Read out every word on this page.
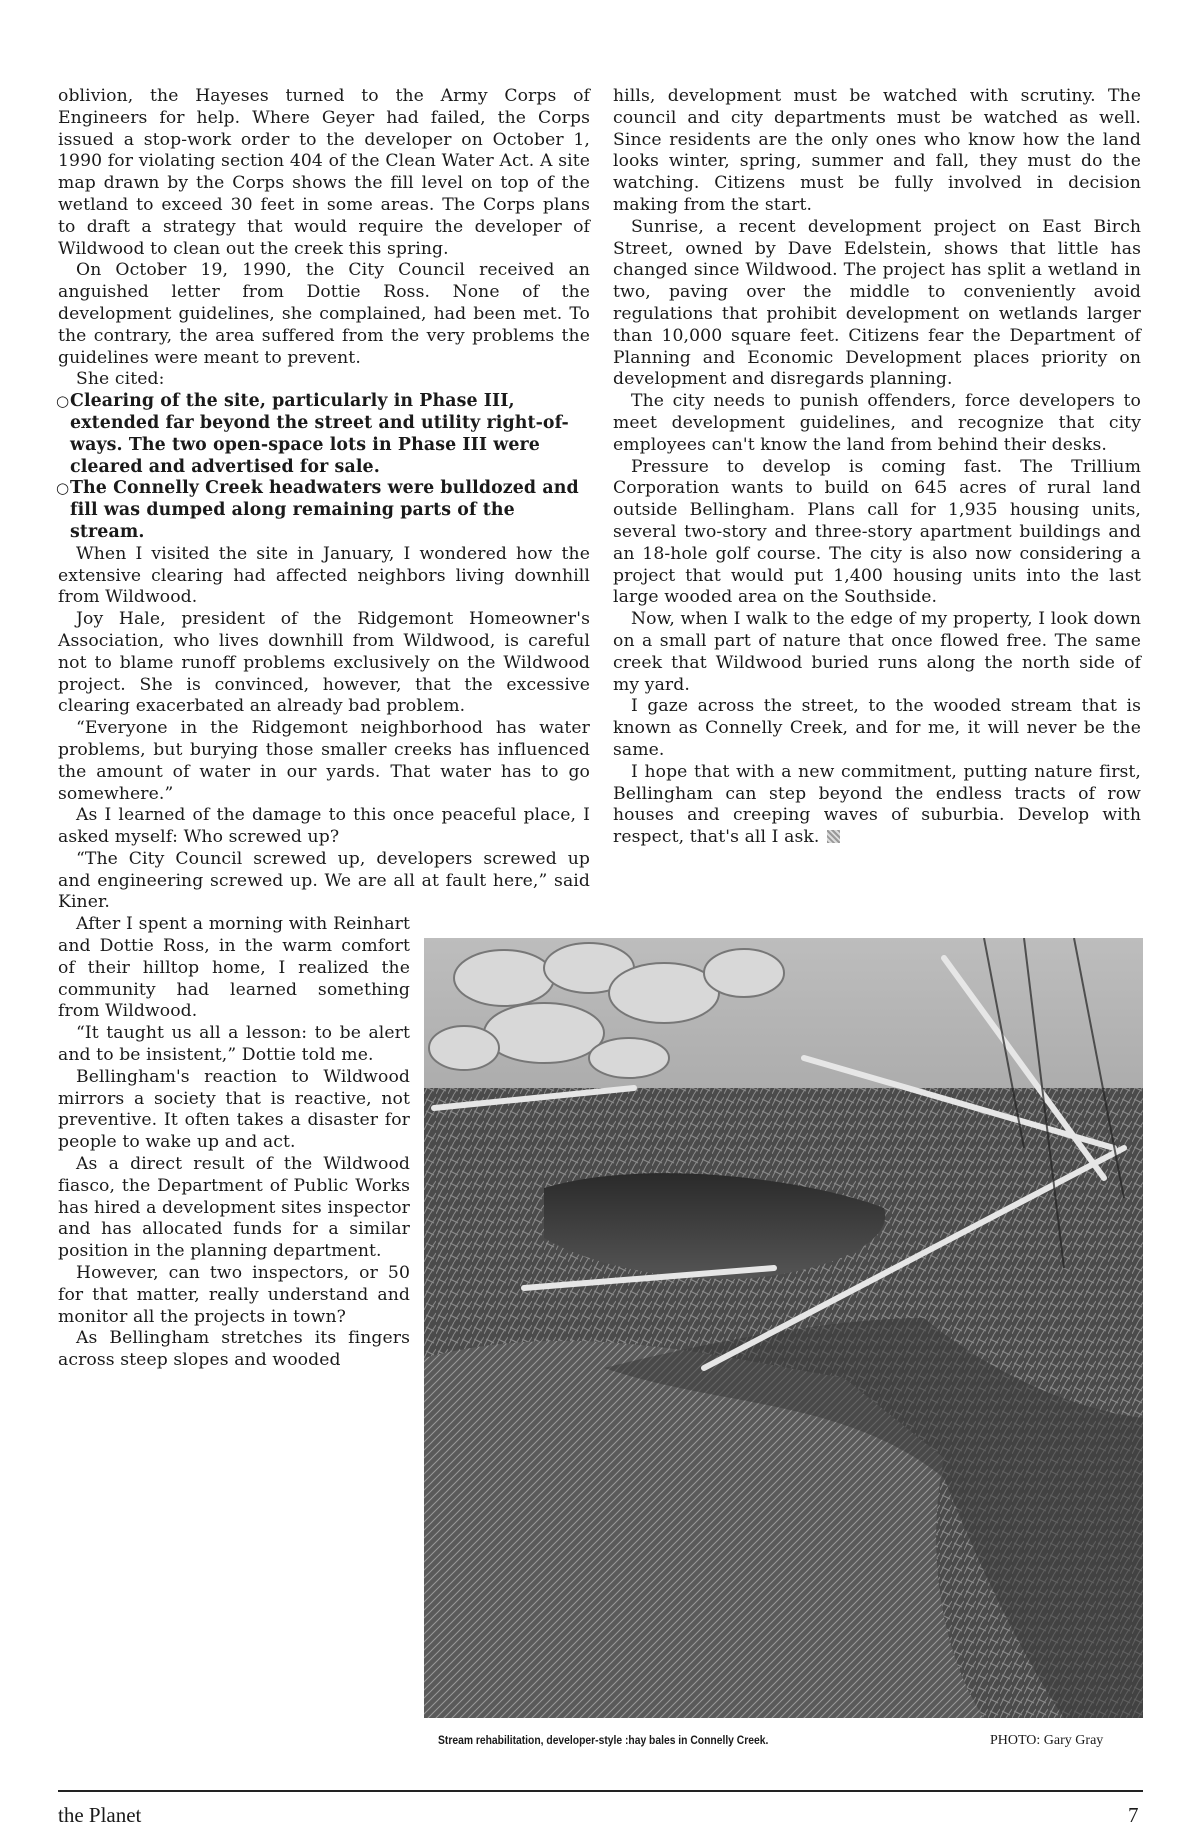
oblivion, the Hayeses turned to the Army Corps of Engineers for help. Where Geyer had failed, the Corps issued a stop-work order to the developer on October 1, 1990 for violating section 404 of the Clean Water Act. A site map drawn by the Corps shows the fill level on top of the wetland to exceed 30 feet in some areas. The Corps plans to draft a strategy that would require the developer of Wildwood to clean out the creek this spring.

On October 19, 1990, the City Council received an anguished letter from Dottie Ross. None of the development guidelines, she complained, had been met. To the contrary, the area suffered from the very problems the guidelines were meant to prevent.

She cited:

○ Clearing of the site, particularly in Phase III, extended far beyond the street and utility right-of-ways. The two open-space lots in Phase III were cleared and advertised for sale.
○ The Connelly Creek headwaters were bulldozed and fill was dumped along remaining parts of the stream.

When I visited the site in January, I wondered how the extensive clearing had affected neighbors living downhill from Wildwood.

Joy Hale, president of the Ridgemont Homeowner's Association, who lives downhill from Wildwood, is careful not to blame runoff problems exclusively on the Wildwood project. She is convinced, however, that the excessive clearing exacerbated an already bad problem.

“Everyone in the Ridgemont neighborhood has water problems, but burying those smaller creeks has influenced the amount of water in our yards. That water has to go somewhere.”

As I learned of the damage to this once peaceful place, I asked myself: Who screwed up?

“The City Council screwed up, developers screwed up and engineering screwed up. We are all at fault here,” said Kiner.

After I spent a morning with Reinhart and Dottie Ross, in the warm comfort of their hilltop home, I realized the community had learned something from Wildwood.

“It taught us all a lesson: to be alert and to be insistent,” Dottie told me.

Bellingham's reaction to Wildwood mirrors a society that is reactive, not preventive. It often takes a disaster for people to wake up and act.

As a direct result of the Wildwood fiasco, the Department of Public Works has hired a development sites inspector and has allocated funds for a similar position in the planning department.

However, can two inspectors, or 50 for that matter, really understand and monitor all the projects in town?

As Bellingham stretches its fingers across steep slopes and wooded

hills, development must be watched with scrutiny. The council and city departments must be watched as well. Since residents are the only ones who know how the land looks winter, spring, summer and fall, they must do the watching. Citizens must be fully involved in decision making from the start.

Sunrise, a recent development project on East Birch Street, owned by Dave Edelstein, shows that little has changed since Wildwood. The project has split a wetland in two, paving over the middle to conveniently avoid regulations that prohibit development on wetlands larger than 10,000 square feet. Citizens fear the Department of Planning and Economic Development places priority on development and disregards planning.

The city needs to punish offenders, force developers to meet development guidelines, and recognize that city employees can't know the land from behind their desks.

Pressure to develop is coming fast. The Trillium Corporation wants to build on 645 acres of rural land outside Bellingham. Plans call for 1,935 housing units, several two-story and three-story apartment buildings and an 18-hole golf course. The city is also now considering a project that would put 1,400 housing units into the last large wooded area on the Southside.

Now, when I walk to the edge of my property, I look down on a small part of nature that once flowed free. The same creek that Wildwood buried runs along the north side of my yard.

I gaze across the street, to the wooded stream that is known as Connelly Creek, and for me, it will never be the same.

I hope that with a new commitment, putting nature first, Bellingham can step beyond the endless tracts of row houses and creeping waves of suburbia. Develop with respect, that's all I ask.

Stream rehabilitation, developer-style :hay bales in Connelly Creek.	PHOTO: Gary Gray
the Planet	7
